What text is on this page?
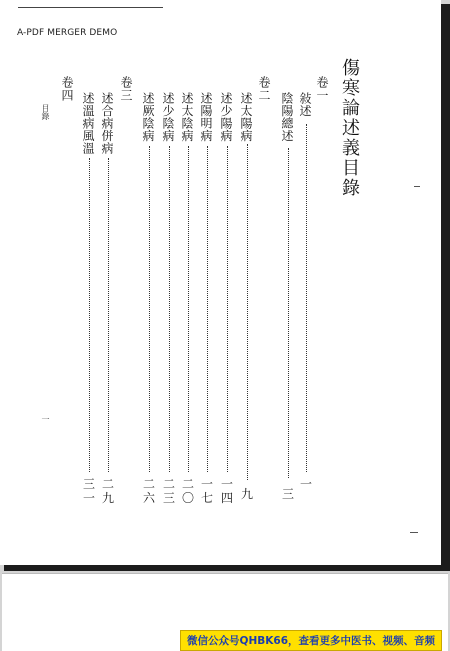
A-PDF MERGER DEMO
傷寒論述義目錄
卷一
敍述
一
陰陽總述
三
卷二
述太陽病
九
述少陽病
一
四
述陽明病
一
七
述太陰病
二
〇
述少陰病
二
三
述厥陰病
二
六
卷三
述合病併病
二
九
卷四
述溫病風溫
三
一
目錄
一
微信公众号QHBK66，查看更多中医书、视频、音频
